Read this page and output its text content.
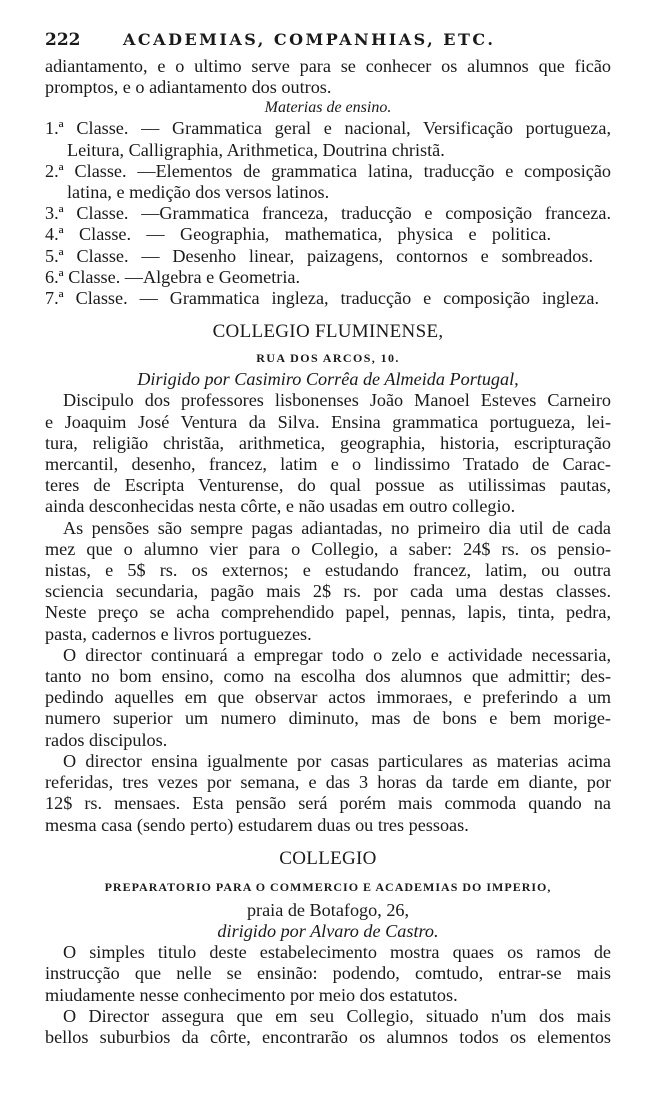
222	ACADEMIAS, COMPANHIAS, ETC.
adiantamento, e o ultimo serve para se conhecer os alumnos que ficão
promptos, e o adiantamento dos outros.
Materias de ensino.
1.ª Classe. — Grammatica geral e nacional, Versificação portugueza,
Leitura, Calligraphia, Arithmetica, Doutrina christã.
2.ª Classe. —Elementos de grammatica latina, traducção e composição
latina, e medição dos versos latinos.
3.ª Classe. —Grammatica franceza, traducção e composição franceza.
4.ª Classe. — Geographia, mathematica, physica e politica.
5.ª Classe. — Desenho linear, paizagens, contornos e sombreados.
6.ª Classe. —Algebra e Geometria.
7.ª Classe. — Grammatica ingleza, traducção e composição ingleza.
COLLEGIO FLUMINENSE,
RUA DOS ARCOS, 10.
Dirigido por Casimiro Corrêa de Almeida Portugal,
Discipulo dos professores lisbonenses João Manoel Esteves Carneiro
e Joaquim José Ventura da Silva. Ensina grammatica portugueza, lei-
tura, religião christãa, arithmetica, geographia, historia, escripturação
mercantil, desenho, francez, latim e o lindissimo Tratado de Carac-
teres de Escripta Venturense, do qual possue as utilissimas pautas,
ainda desconhecidas nesta côrte, e não usadas em outro collegio.
As pensões são sempre pagas adiantadas, no primeiro dia util de cada
mez que o alumno vier para o Collegio, a saber: 24$ rs. os pensio-
nistas, e 5$ rs. os externos; e estudando francez, latim, ou outra
sciencia secundaria, pagão mais 2$ rs. por cada uma destas classes.
Neste preço se acha comprehendido papel, pennas, lapis, tinta, pedra,
pasta, cadernos e livros portuguezes.
O director continuará a empregar todo o zelo e actividade necessaria,
tanto no bom ensino, como na escolha dos alumnos que admittir; des-
pedindo aquelles em que observar actos immoraes, e preferindo a um
numero superior um numero diminuto, mas de bons e bem morige-
rados discipulos.
O director ensina igualmente por casas particulares as materias acima
referidas, tres vezes por semana, e das 3 horas da tarde em diante, por
12$ rs. mensaes. Esta pensão será porém mais commoda quando na
mesma casa (sendo perto) estudarem duas ou tres pessoas.
COLLEGIO
PREPARATORIO PARA O COMMERCIO E ACADEMIAS DO IMPERIO,
praia de Botafogo, 26,
dirigido por Alvaro de Castro.
O simples titulo deste estabelecimento mostra quaes os ramos de
instrucção que nelle se ensinão: podendo, comtudo, entrar-se mais
miudamente nesse conhecimento por meio dos estatutos.
O Director assegura que em seu Collegio, situado n'um dos mais
bellos suburbios da côrte, encontrarão os alumnos todos os elementos
